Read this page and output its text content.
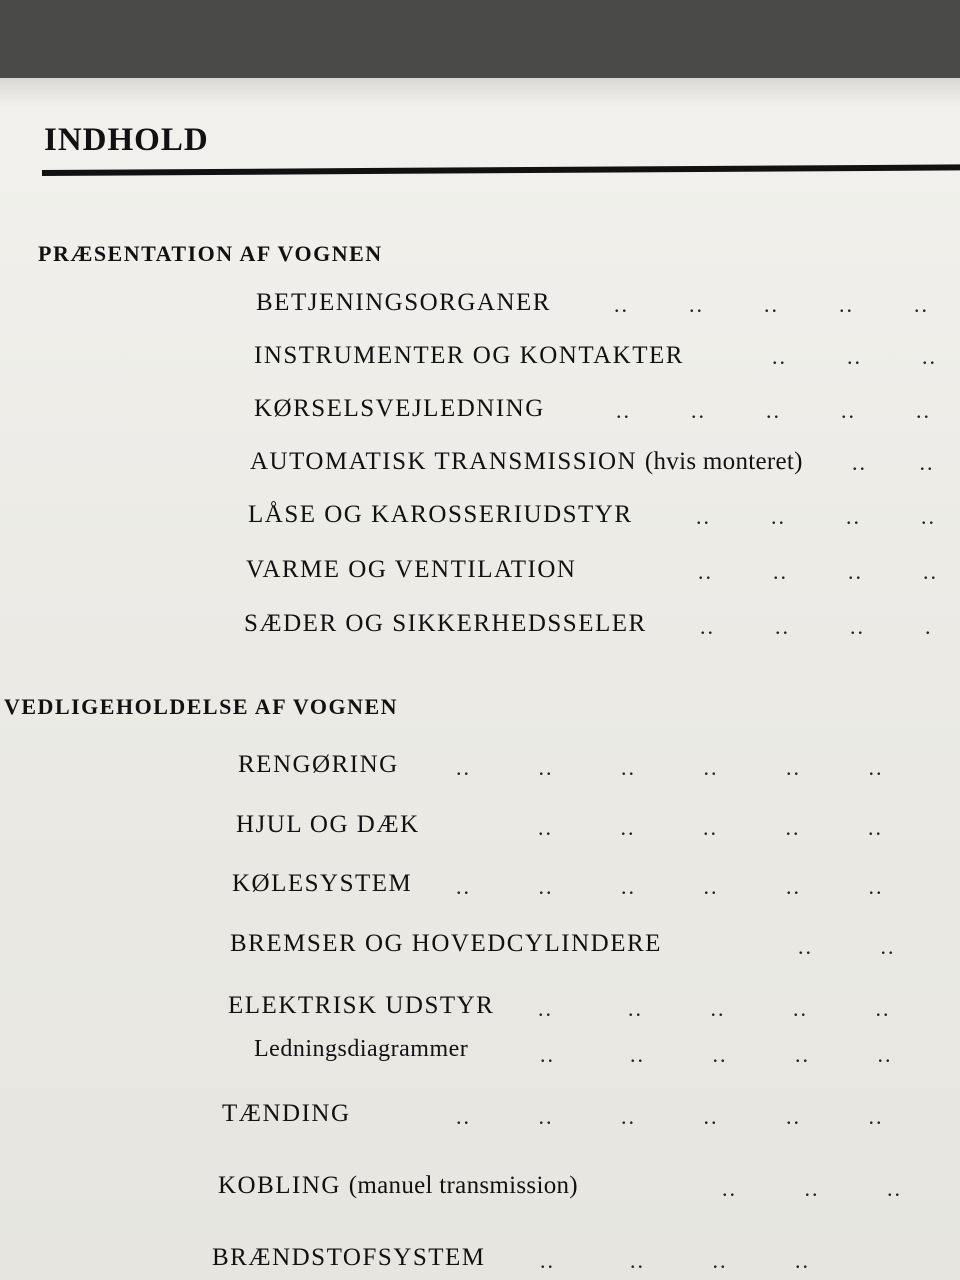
INDHOLD
PRÆSENTATION AF VOGNEN
BETJENINGSORGANER	..        ..        ..        ..        ..
INSTRUMENTER OG KONTAKTER	..        ..        ..
KØRSELSVEJLEDNING	..        ..        ..        ..        ..
AUTOMATISK TRANSMISSION (hvis monteret) ..       ..
LÅSE OG KAROSSERIUDSTYR	..        ..        ..        ..
VARME OG VENTILATION	..        ..        ..        ..
SÆDER OG SIKKERHEDSSELER ..        ..        ..        .
VEDLIGEHOLDELSE AF VOGNEN
RENGØRING	..         ..         ..         ..         ..         ..
HJUL OG DÆK	..         ..         ..         ..         ..
KØLESYSTEM ..         ..         ..         ..         ..         ..
BREMSER OG HOVEDCYLINDERE	..         ..
ELEKTRISK UDSTYR ..          ..         ..         ..         ..
Ledningsdiagrammer	..          ..         ..         ..         ..
TÆNDING	..         ..         ..         ..         ..         ..
KOBLING (manuel transmission)	..         ..         ..
BRÆNDSTOFSYSTEM ..          ..         ..         ..
